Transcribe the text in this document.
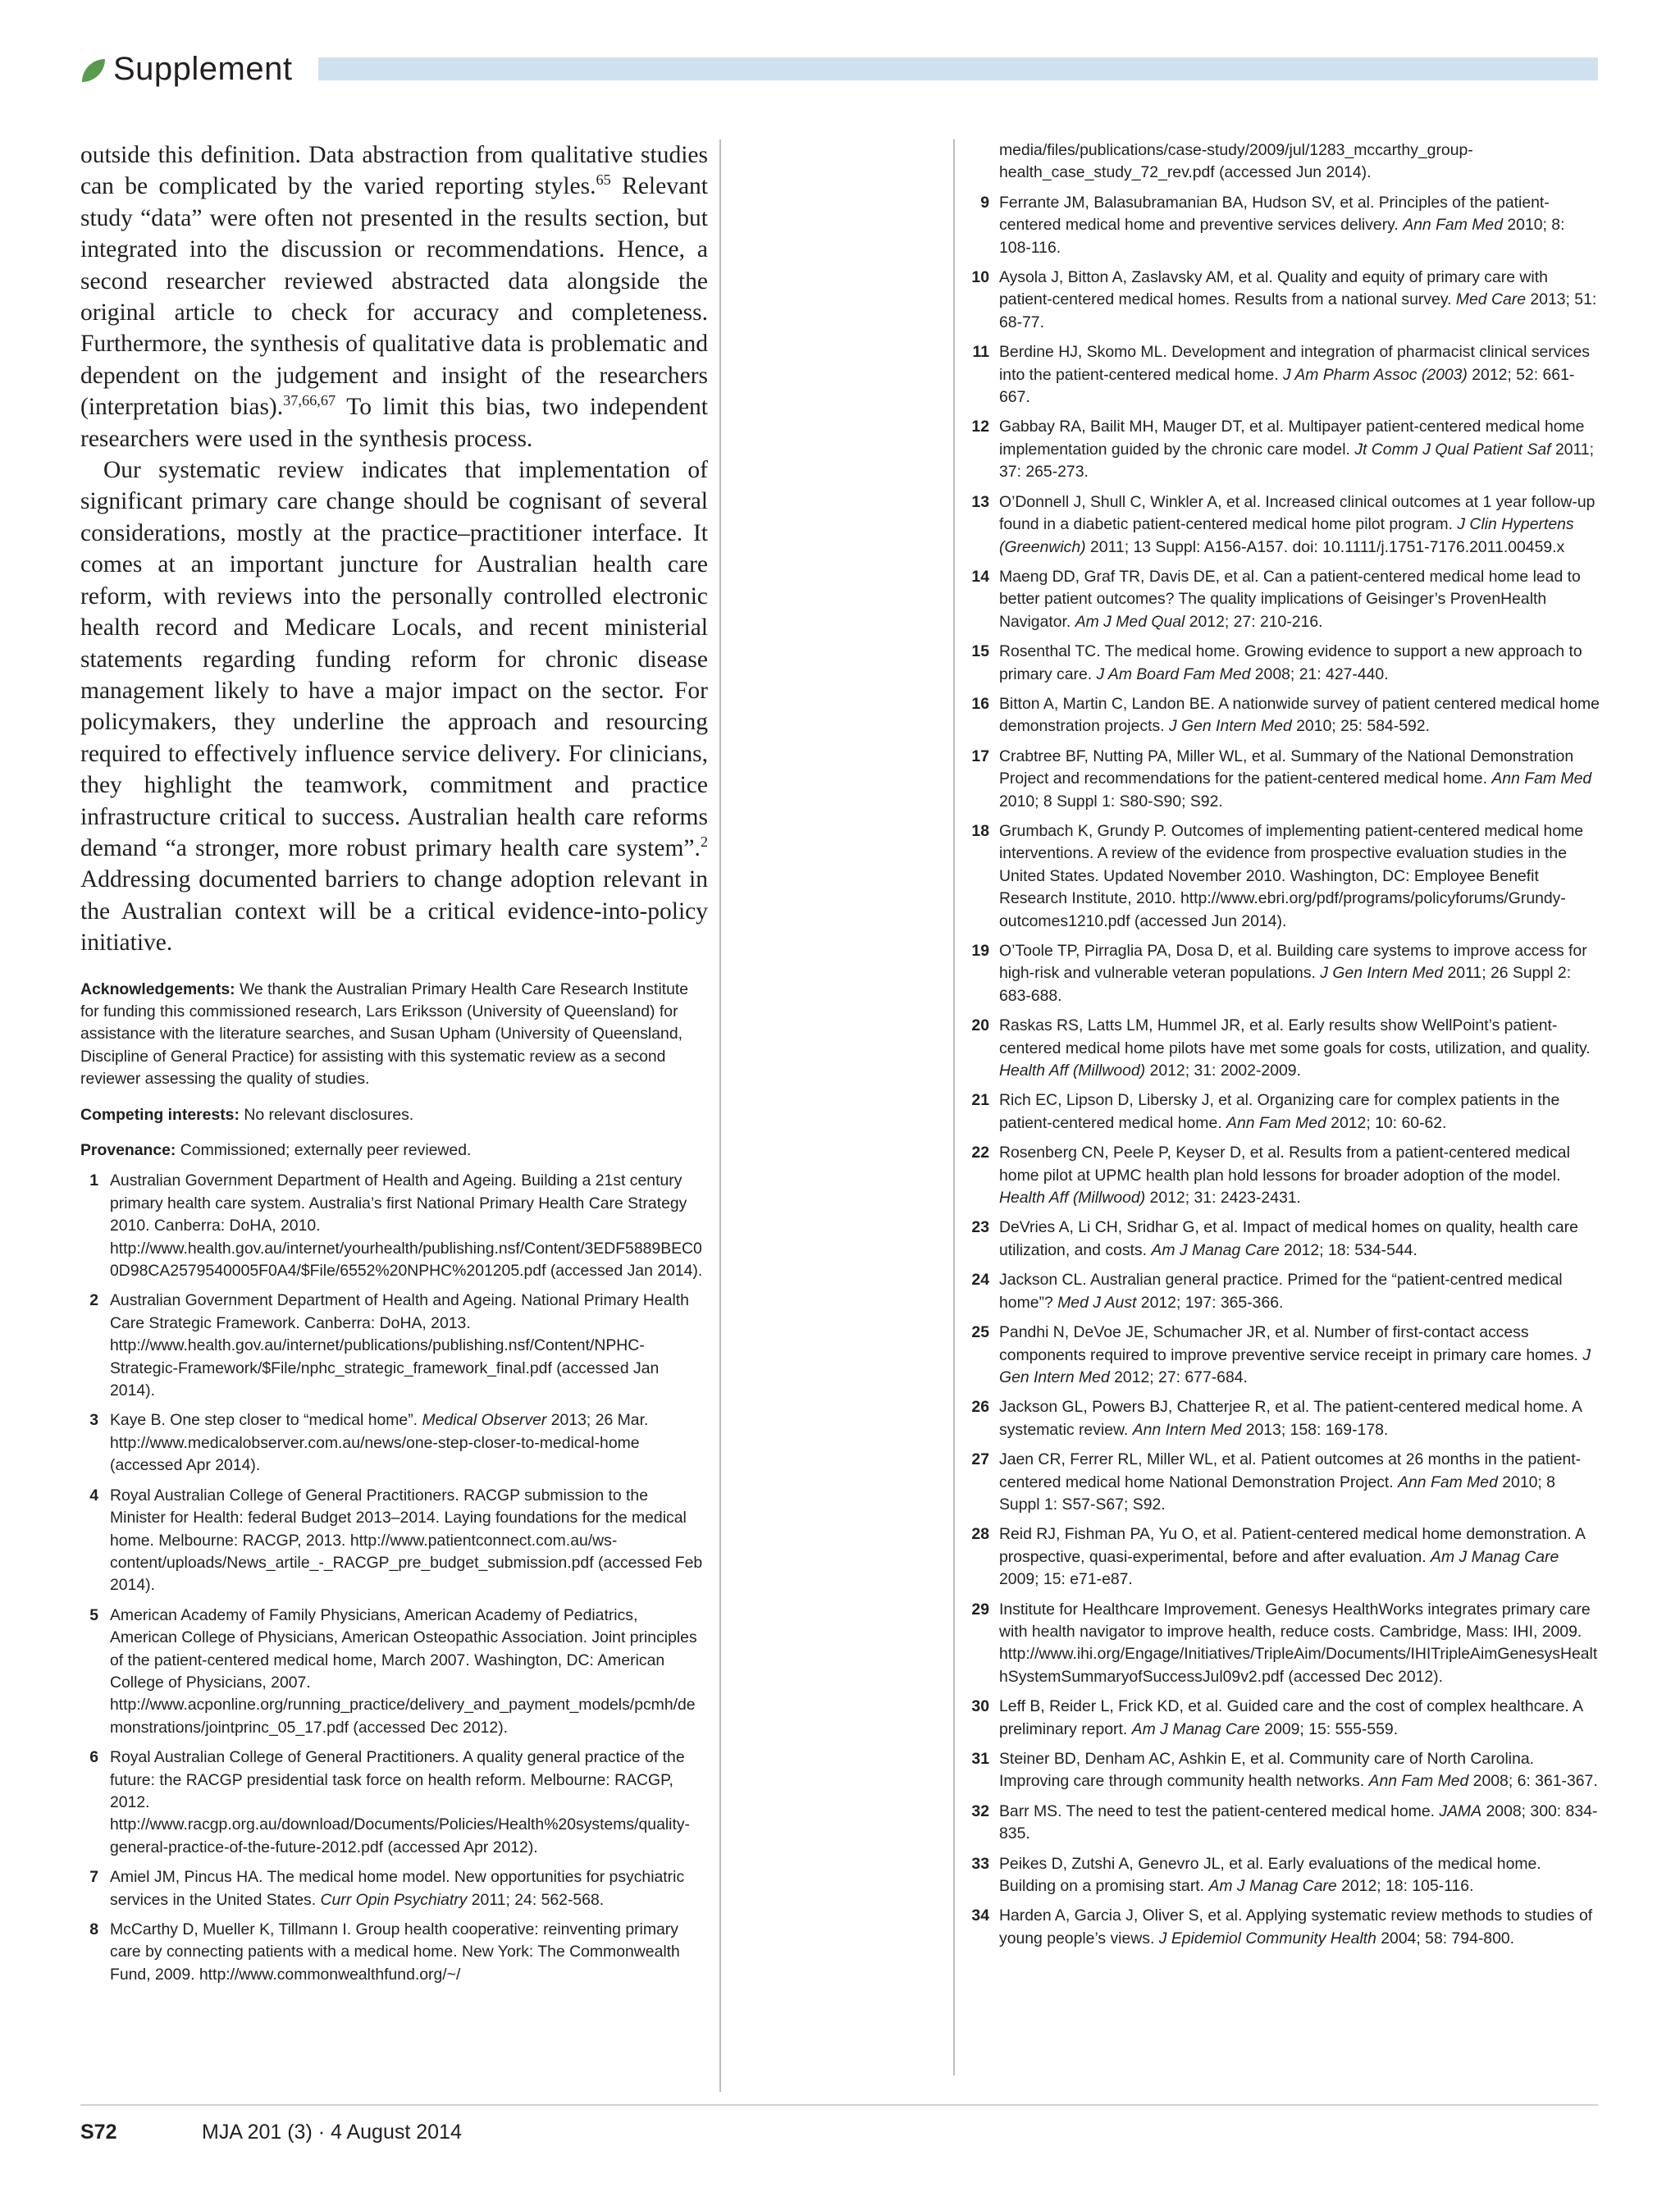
Supplement

outside this definition. Data abstraction from qualitative studies can be complicated by the varied reporting styles.$^{65}$ Relevant study “data” were often not presented in the results section, but integrated into the discussion or recommendations. Hence, a second researcher reviewed abstracted data alongside the original article to check for accuracy and completeness. Furthermore, the synthesis of qualitative data is problematic and dependent on the judgement and insight of the researchers (interpretation bias).$^{37,66,67}$ To limit this bias, two independent researchers were used in the synthesis process.

Our systematic review indicates that implementation of significant primary care change should be cognisant of several considerations, mostly at the practice–practitioner interface. It comes at an important juncture for Australian health care reform, with reviews into the personally controlled electronic health record and Medicare Locals, and recent ministerial statements regarding funding reform for chronic disease management likely to have a major impact on the sector. For policymakers, they underline the approach and resourcing required to effectively influence service delivery. For clinicians, they highlight the teamwork, commitment and practice infrastructure critical to success. Australian health care reforms demand “a stronger, more robust primary health care system”.$^2$ Addressing documented barriers to change adoption relevant in the Australian context will be a critical evidence-into-policy initiative.

Acknowledgements: We thank the Australian Primary Health Care Research Institute for funding this commissioned research, Lars Eriksson (University of Queensland) for assistance with the literature searches, and Susan Upham (University of Queensland, Discipline of General Practice) for assisting with this systematic review as a second reviewer assessing the quality of studies.

Competing interests: No relevant disclosures.

Provenance: Commissioned; externally peer reviewed.

1 Australian Government Department of Health and Ageing. Building a 21st century primary health care system. Australia’s first National Primary Health Care Strategy 2010. Canberra: DoHA, 2010. http://www.health.gov.au/internet/yourhealth/publishing.nsf/Content/3EDF5889BEC00D98CA2579540005F0A4/$File/6552%20NPHC%201205.pdf (accessed Jan 2014).
2 Australian Government Department of Health and Ageing. National Primary Health Care Strategic Framework. Canberra: DoHA, 2013. http://www.health.gov.au/internet/publications/publishing.nsf/Content/NPHC-Strategic-Framework/$File/nphc_strategic_framework_final.pdf (accessed Jan 2014).
3 Kaye B. One step closer to “medical home”. Medical Observer 2013; 26 Mar. http://www.medicalobserver.com.au/news/one-step-closer-to-medical-home (accessed Apr 2014).
4 Royal Australian College of General Practitioners. RACGP submission to the Minister for Health: federal Budget 2013–2014. Laying foundations for the medical home. Melbourne: RACGP, 2013. http://www.patientconnect.com.au/ws-content/uploads/News_artile_-_RACGP_pre_budget_submission.pdf (accessed Feb 2014).
5 American Academy of Family Physicians, American Academy of Pediatrics, American College of Physicians, American Osteopathic Association. Joint principles of the patient-centered medical home, March 2007. Washington, DC: American College of Physicians, 2007. http://www.acponline.org/running_practice/delivery_and_payment_models/pcmh/demonstrations/jointprinc_05_17.pdf (accessed Dec 2012).
6 Royal Australian College of General Practitioners. A quality general practice of the future: the RACGP presidential task force on health reform. Melbourne: RACGP, 2012. http://www.racgp.org.au/download/Documents/Policies/Health%20systems/quality-general-practice-of-the-future-2012.pdf (accessed Apr 2012).
7 Amiel JM, Pincus HA. The medical home model. New opportunities for psychiatric services in the United States. Curr Opin Psychiatry 2011; 24: 562-568.
8 McCarthy D, Mueller K, Tillmann I. Group health cooperative: reinventing primary care by connecting patients with a medical home. New York: The Commonwealth Fund, 2009. http://www.commonwealthfund.org/~/
media/files/publications/case-study/2009/jul/1283_mccarthy_group-health_case_study_72_rev.pdf (accessed Jun 2014).
9 Ferrante JM, Balasubramanian BA, Hudson SV, et al. Principles of the patient-centered medical home and preventive services delivery. Ann Fam Med 2010; 8: 108-116.
10 Aysola J, Bitton A, Zaslavsky AM, et al. Quality and equity of primary care with patient-centered medical homes. Results from a national survey. Med Care 2013; 51: 68-77.
11 Berdine HJ, Skomo ML. Development and integration of pharmacist clinical services into the patient-centered medical home. J Am Pharm Assoc (2003) 2012; 52: 661-667.
12 Gabbay RA, Bailit MH, Mauger DT, et al. Multipayer patient-centered medical home implementation guided by the chronic care model. Jt Comm J Qual Patient Saf 2011; 37: 265-273.
13 O’Donnell J, Shull C, Winkler A, et al. Increased clinical outcomes at 1 year follow-up found in a diabetic patient-centered medical home pilot program. J Clin Hypertens (Greenwich) 2011; 13 Suppl: A156-A157. doi: 10.1111/j.1751-7176.2011.00459.x
14 Maeng DD, Graf TR, Davis DE, et al. Can a patient-centered medical home lead to better patient outcomes? The quality implications of Geisinger’s ProvenHealth Navigator. Am J Med Qual 2012; 27: 210-216.
15 Rosenthal TC. The medical home. Growing evidence to support a new approach to primary care. J Am Board Fam Med 2008; 21: 427-440.
16 Bitton A, Martin C, Landon BE. A nationwide survey of patient centered medical home demonstration projects. J Gen Intern Med 2010; 25: 584-592.
17 Crabtree BF, Nutting PA, Miller WL, et al. Summary of the National Demonstration Project and recommendations for the patient-centered medical home. Ann Fam Med 2010; 8 Suppl 1: S80-S90; S92.
18 Grumbach K, Grundy P. Outcomes of implementing patient-centered medical home interventions. A review of the evidence from prospective evaluation studies in the United States. Updated November 2010. Washington, DC: Employee Benefit Research Institute, 2010. http://www.ebri.org/pdf/programs/policyforums/Grundy-outcomes1210.pdf (accessed Jun 2014).
19 O’Toole TP, Pirraglia PA, Dosa D, et al. Building care systems to improve access for high-risk and vulnerable veteran populations. J Gen Intern Med 2011; 26 Suppl 2: 683-688.
20 Raskas RS, Latts LM, Hummel JR, et al. Early results show WellPoint’s patient-centered medical home pilots have met some goals for costs, utilization, and quality. Health Aff (Millwood) 2012; 31: 2002-2009.
21 Rich EC, Lipson D, Libersky J, et al. Organizing care for complex patients in the patient-centered medical home. Ann Fam Med 2012; 10: 60-62.
22 Rosenberg CN, Peele P, Keyser D, et al. Results from a patient-centered medical home pilot at UPMC health plan hold lessons for broader adoption of the model. Health Aff (Millwood) 2012; 31: 2423-2431.
23 DeVries A, Li CH, Sridhar G, et al. Impact of medical homes on quality, health care utilization, and costs. Am J Manag Care 2012; 18: 534-544.
24 Jackson CL. Australian general practice. Primed for the “patient-centred medical home”? Med J Aust 2012; 197: 365-366.
25 Pandhi N, DeVoe JE, Schumacher JR, et al. Number of first-contact access components required to improve preventive service receipt in primary care homes. J Gen Intern Med 2012; 27: 677-684.
26 Jackson GL, Powers BJ, Chatterjee R, et al. The patient-centered medical home. A systematic review. Ann Intern Med 2013; 158: 169-178.
27 Jaen CR, Ferrer RL, Miller WL, et al. Patient outcomes at 26 months in the patient-centered medical home National Demonstration Project. Ann Fam Med 2010; 8 Suppl 1: S57-S67; S92.
28 Reid RJ, Fishman PA, Yu O, et al. Patient-centered medical home demonstration. A prospective, quasi-experimental, before and after evaluation. Am J Manag Care 2009; 15: e71-e87.
29 Institute for Healthcare Improvement. Genesys HealthWorks integrates primary care with health navigator to improve health, reduce costs. Cambridge, Mass: IHI, 2009. http://www.ihi.org/Engage/Initiatives/TripleAim/Documents/IHITripleAimGenesysHealthSystemSummaryofSuccessJul09v2.pdf (accessed Dec 2012).
30 Leff B, Reider L, Frick KD, et al. Guided care and the cost of complex healthcare. A preliminary report. Am J Manag Care 2009; 15: 555-559.
31 Steiner BD, Denham AC, Ashkin E, et al. Community care of North Carolina. Improving care through community health networks. Ann Fam Med 2008; 6: 361-367.
32 Barr MS. The need to test the patient-centered medical home. JAMA 2008; 300: 834-835.
33 Peikes D, Zutshi A, Genevro JL, et al. Early evaluations of the medical home. Building on a promising start. Am J Manag Care 2012; 18: 105-116.
34 Harden A, Garcia J, Oliver S, et al. Applying systematic review methods to studies of young people’s views. J Epidemiol Community Health 2004; 58: 794-800.
S72	MJA 201 (3) · 4 August 2014
